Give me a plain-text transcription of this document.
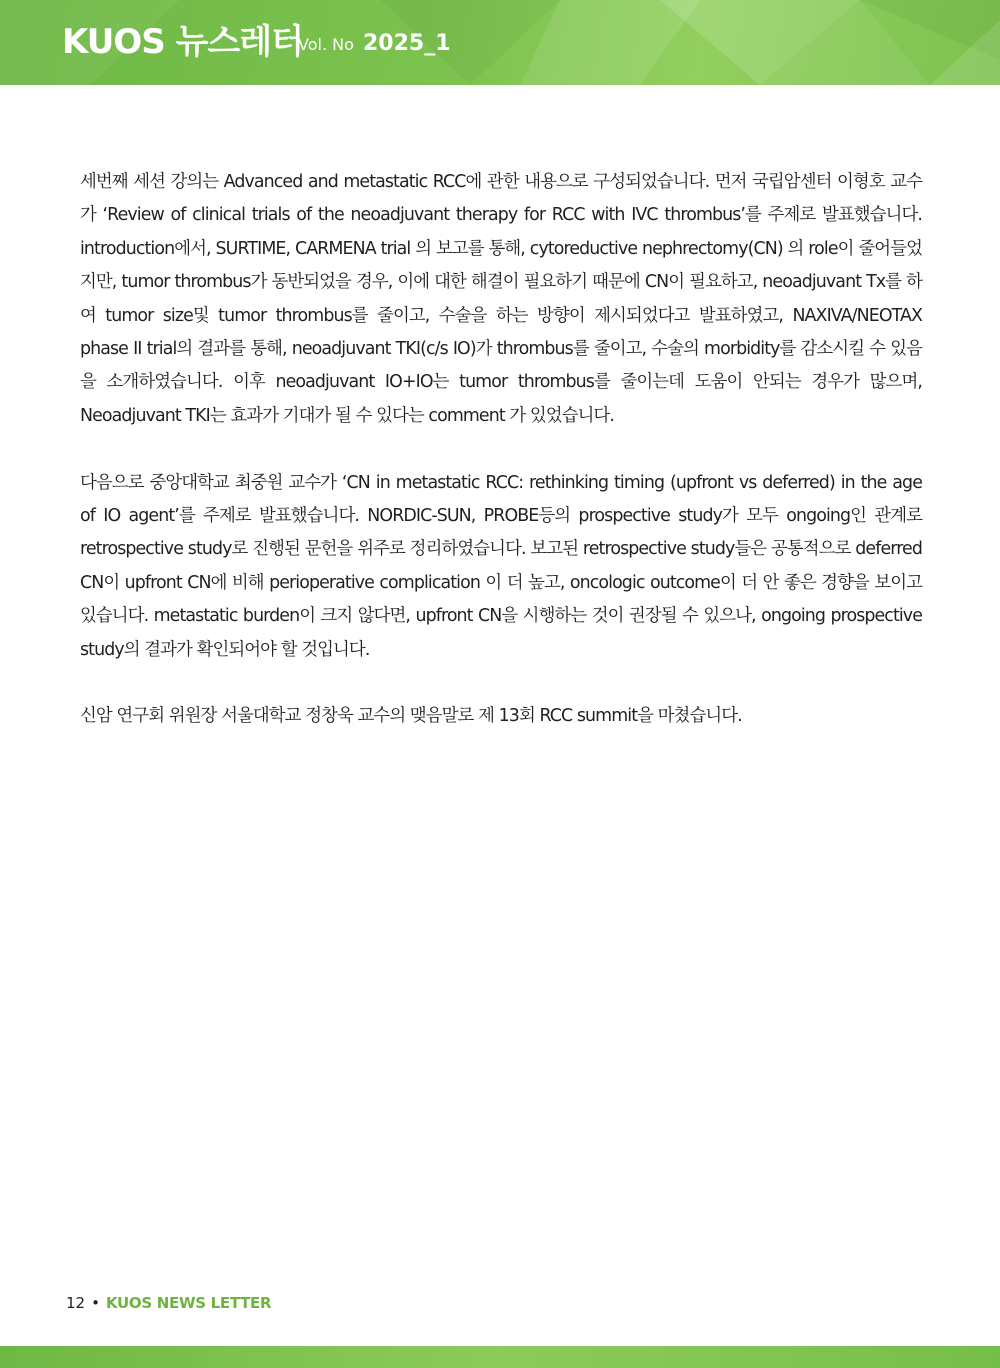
KUOS 뉴스레터
Vol. No 2025_1

세번째 세션 강의는 Advanced and metastatic RCC에 관한 내용으로 구성되었습니다. 먼저 국립암센터 이형호 교수가 ‘Review of clinical trials of the neoadjuvant therapy for RCC with IVC thrombus’를 주제로 발표했습니다. introduction에서, SURTIME, CARMENA trial 의 보고를 통해, cytoreductive nephrectomy(CN) 의 role이 줄어들었지만, tumor thrombus가 동반되었을 경우, 이에 대한 해결이 필요하기 때문에 CN이 필요하고, neoadjuvant Tx를 하여 tumor size및 tumor thrombus를 줄이고, 수술을 하는 방향이 제시되었다고 발표하였고, NAXIVA/NEOTAX phase II trial의 결과를 통해, neoadjuvant TKI(c/s IO)가 thrombus를 줄이고, 수술의 morbidity를 감소시킬 수 있음을 소개하였습니다. 이후 neoadjuvant IO+IO는 tumor thrombus를 줄이는데 도움이 안되는 경우가 많으며, Neoadjuvant TKI는 효과가 기대가 될 수 있다는 comment 가 있었습니다.

다음으로 중앙대학교 최중원 교수가 ‘CN in metastatic RCC: rethinking timing (upfront vs deferred) in the age of IO agent’를 주제로 발표했습니다. NORDIC-SUN, PROBE등의 prospective study가 모두 ongoing인 관계로 retrospective study로 진행된 문헌을 위주로 정리하였습니다. 보고된 retrospective study들은 공통적으로 deferred CN이 upfront CN에 비해 perioperative complication 이 더 높고, oncologic outcome이 더 안 좋은 경향을 보이고 있습니다. metastatic burden이 크지 않다면, upfront CN을 시행하는 것이 권장될 수 있으나, ongoing prospective study의 결과가 확인되어야 할 것입니다.

신암 연구회 위원장 서울대학교 정창욱 교수의 맺음말로 제 13회 RCC summit을 마쳤습니다.

12 • KUOS NEWS LETTER
